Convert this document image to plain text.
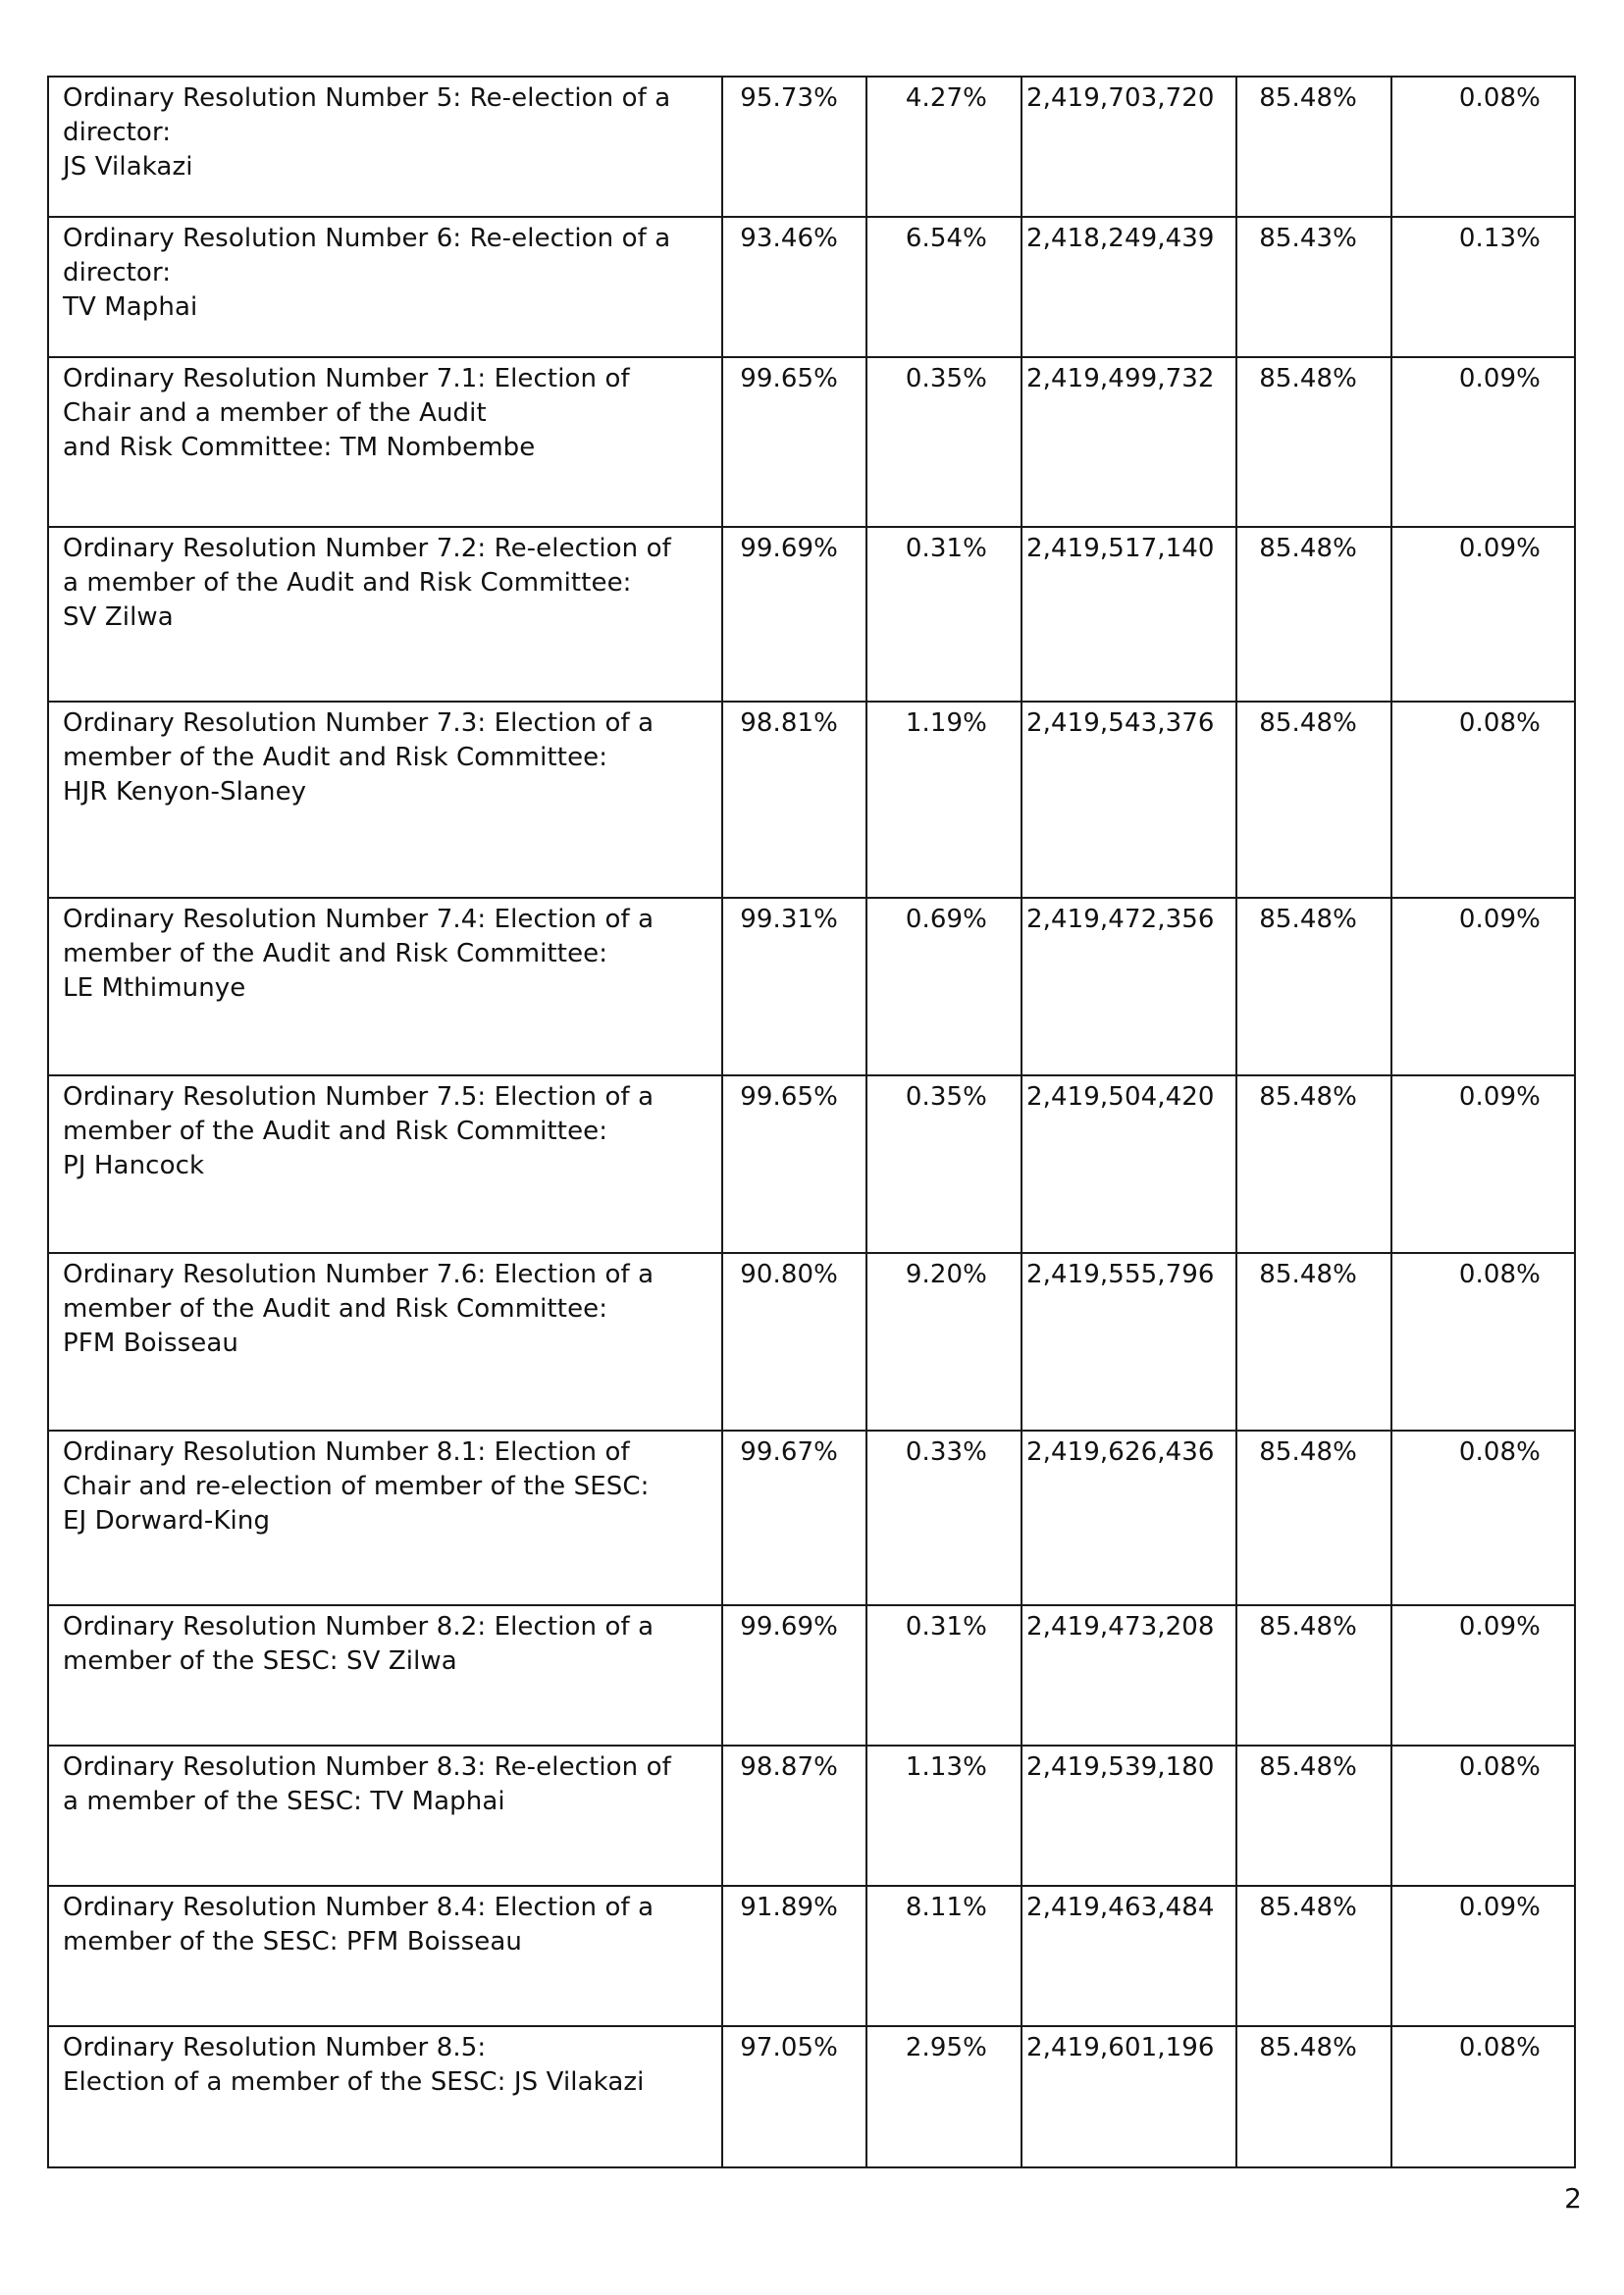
Ordinary Resolution Number 5: Re-election of a director:
JS Vilakazi	95.73%	4.27%	2,419,703,720	85.48%	0.08%

Ordinary Resolution Number 6: Re-election of a director:
TV Maphai	93.46%	6.54%	2,418,249,439	85.43%	0.13%

Ordinary Resolution Number 7.1: Election of
Chair and a member of the Audit
and Risk Committee: TM Nombembe	99.65%	0.35%	2,419,499,732	85.48%	0.09%

Ordinary Resolution Number 7.2: Re-election of
a member of the Audit and Risk Committee:
SV Zilwa	99.69%	0.31%	2,419,517,140	85.48%	0.09%

Ordinary Resolution Number 7.3: Election of a
member of the Audit and Risk Committee:
HJR Kenyon-Slaney	98.81%	1.19%	2,419,543,376	85.48%	0.08%

Ordinary Resolution Number 7.4: Election of a
member of the Audit and Risk Committee:
LE Mthimunye	99.31%	0.69%	2,419,472,356	85.48%	0.09%

Ordinary Resolution Number 7.5: Election of a
member of the Audit and Risk Committee:
PJ Hancock	99.65%	0.35%	2,419,504,420	85.48%	0.09%

Ordinary Resolution Number 7.6: Election of a
member of the Audit and Risk Committee:
PFM Boisseau	90.80%	9.20%	2,419,555,796	85.48%	0.08%

Ordinary Resolution Number 8.1: Election of
Chair and re-election of member of the SESC:
EJ Dorward-King	99.67%	0.33%	2,419,626,436	85.48%	0.08%

Ordinary Resolution Number 8.2: Election of a
member of the SESC: SV Zilwa	99.69%	0.31%	2,419,473,208	85.48%	0.09%

Ordinary Resolution Number 8.3: Re-election of
a member of the SESC: TV Maphai	98.87%	1.13%	2,419,539,180	85.48%	0.08%

Ordinary Resolution Number 8.4: Election of a
member of the SESC: PFM Boisseau	91.89%	8.11%	2,419,463,484	85.48%	0.09%

Ordinary Resolution Number 8.5:
Election of a member of the SESC: JS Vilakazi	97.05%	2.95%	2,419,601,196	85.48%	0.08%
2
